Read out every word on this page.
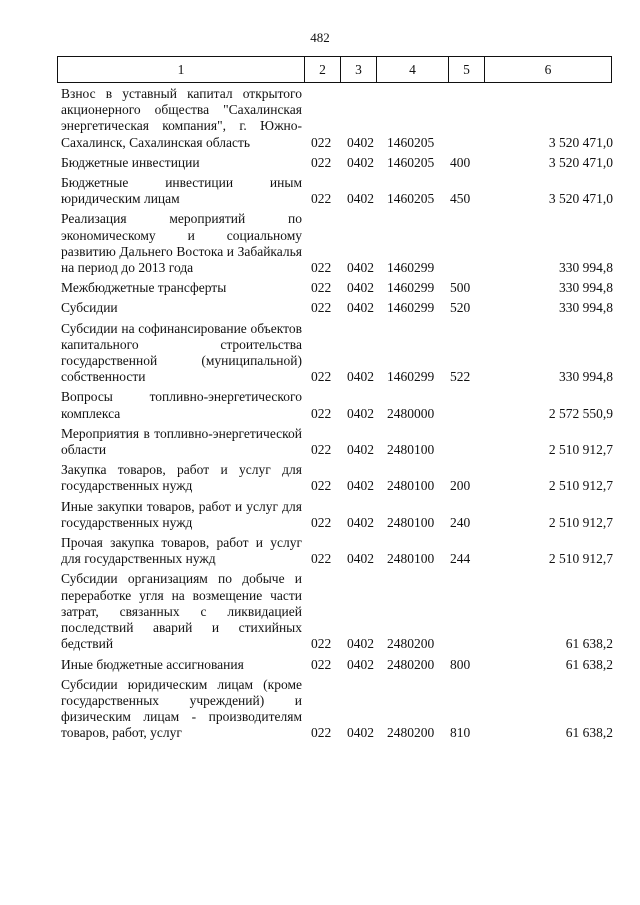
482
1	2	3	4	5	6
Взнос в уставный капитал открытого акционерного общества "Сахалинская энергетическая компания", г. Южно-Сахалинск, Сахалинская область	022 0402 1460205	3 520 471,0
Бюджетные инвестиции	022 0402 1460205 400	3 520 471,0
Бюджетные инвестиции иным юридическим лицам	022 0402 1460205 450	3 520 471,0
Реализация мероприятий по экономическому и социальному развитию Дальнего Востока и Забайкалья на период до 2013 года	022 0402 1460299	330 994,8
Межбюджетные трансферты	022 0402 1460299 500	330 994,8
Субсидии	022 0402 1460299 520	330 994,8
Субсидии на софинансирование объектов капитального строительства государственной (муниципальной) собственности	022 0402 1460299 522	330 994,8
Вопросы топливно-энергетического комплекса	022 0402 2480000	2 572 550,9
Мероприятия в топливно-энергетической области	022 0402 2480100	2 510 912,7
Закупка товаров, работ и услуг для государственных нужд	022 0402 2480100 200	2 510 912,7
Иные закупки товаров, работ и услуг для государственных нужд	022 0402 2480100 240	2 510 912,7
Прочая закупка товаров, работ и услуг для государственных нужд	022 0402 2480100 244	2 510 912,7
Субсидии организациям по добыче и переработке угля на возмещение части затрат, связанных с ликвидацией последствий аварий и стихийных бедствий	022 0402 2480200	61 638,2
Иные бюджетные ассигнования	022 0402 2480200 800	61 638,2
Субсидии юридическим лицам (кроме государственных учреждений) и физическим лицам - производителям товаров, работ, услуг	022 0402 2480200 810	61 638,2
